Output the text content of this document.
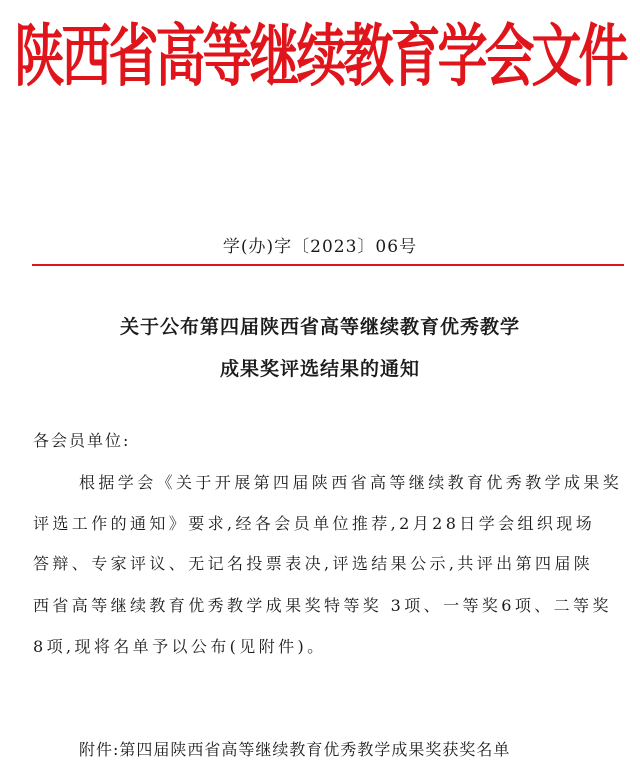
陕西省高等继续教育学会文件
学(办)字〔2023〕06号
关于公布第四届陕西省高等继续教育优秀教学
成果奖评选结果的通知
各会员单位:
根据学会《关于开展第四届陕西省高等继续教育优秀教学成果奖
评选工作的通知》要求,经各会员单位推荐,2月28日学会组织现场
答辩、专家评议、无记名投票表决,评选结果公示,共评出第四届陕
西省高等继续教育优秀教学成果奖特等奖 3项、一等奖6项、二等奖
8项,现将名单予以公布(见附件)。
附件:第四届陕西省高等继续教育优秀教学成果奖获奖名单
